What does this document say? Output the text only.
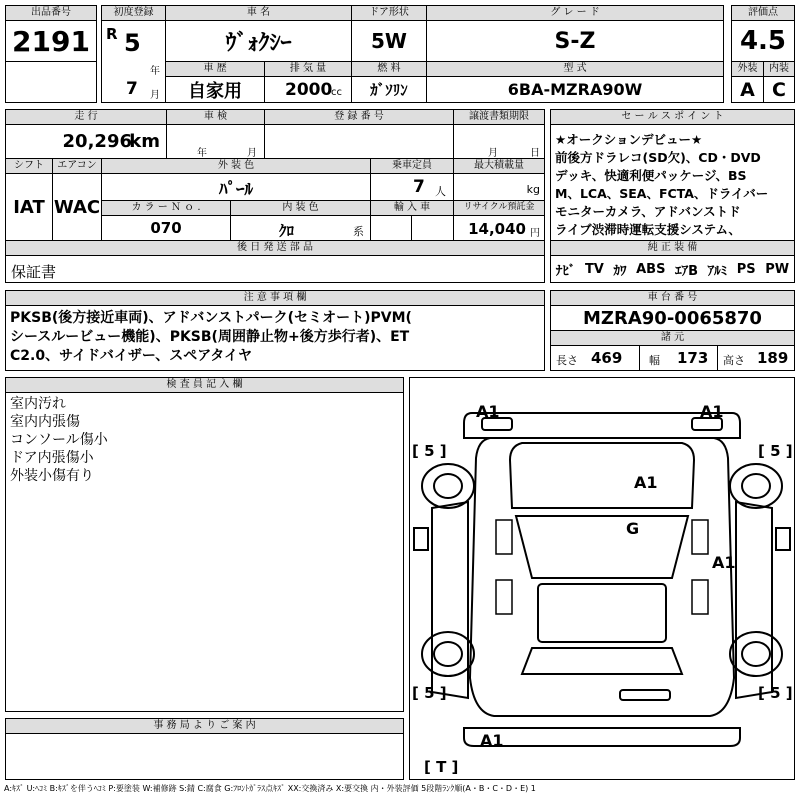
出品番号
2191
初度登録
R 5
年
7 月
車 名
ｳﾞｫｸｼｰ
ドア形状
5W
グ レ ー ド
S-Z
評価点
4.5
車 歴
自家用
排 気 量
2000
cc
燃 料
ｶﾞｿﾘﾝ
型 式
6BA-MZRA90W
外装	内装
A C
走 行
20,296
km
車 検
年	月
登 録 番 号	譲渡書類期限
月	日
シフト
IAT
エアコン
WAC
外 装 色
ﾊﾟｰﾙ
乗車定員
7 人
最大積載量
kg
カ ラ ー Ｎ ｏ .
070
内 装 色
ｸﾛ	系
輸 入 車	リサイクル預託金
14,040 円
後 日 発 送 部 品
保証書
セ ー ル ス ポ イ ン ト
★オークションデビュー★
前後方ドラレコ(SD欠)、CD・DVD
デッキ、快適利便パッケージ、BS
M、LCA、SEA、FCTA、ドライバー
モニターカメラ、アドバンストド
ライブ渋滞時運転支援システム、
純 正 装 備
ﾅﾋﾞ TV ｶﾜ ABS ｴｱB ｱﾙﾐ PS PW
注 意 事 項 欄
PKSB(後方接近車両)、アドバンストパーク(セミオート)PVM(
シースルービュー機能)、PKSB(周囲静止物+後方歩行者)、ET
C2.0、サイドバイザー、スペアタイヤ
車 台 番 号
MZRA90-0065870
諸 元
長さ 469 幅 173 高さ 189
検 査 員 記 入 欄
室内汚れ
室内内張傷
コンソール傷小
ドア内張傷小
外装小傷有り
A1	A1
A1
G
A1
A1
[ 5 ]	[ 5 ]
[ 5 ]	[ 5 ]
[ T ]
事 務 局 よ り ご 案 内
A:ｷｽﾞ U:ﾍｺﾐ B:ｷｽﾞを伴うﾍｺﾐ P:要塗装 W:補修跡 S:錆 C:腐食 G:ﾌﾛﾝﾄｶﾞﾗｽ点ｷｽﾞ XX:交換済み X:要交換 内・外装評価 5段階ﾗﾝｸ順(A・B・C・D・E) 1
